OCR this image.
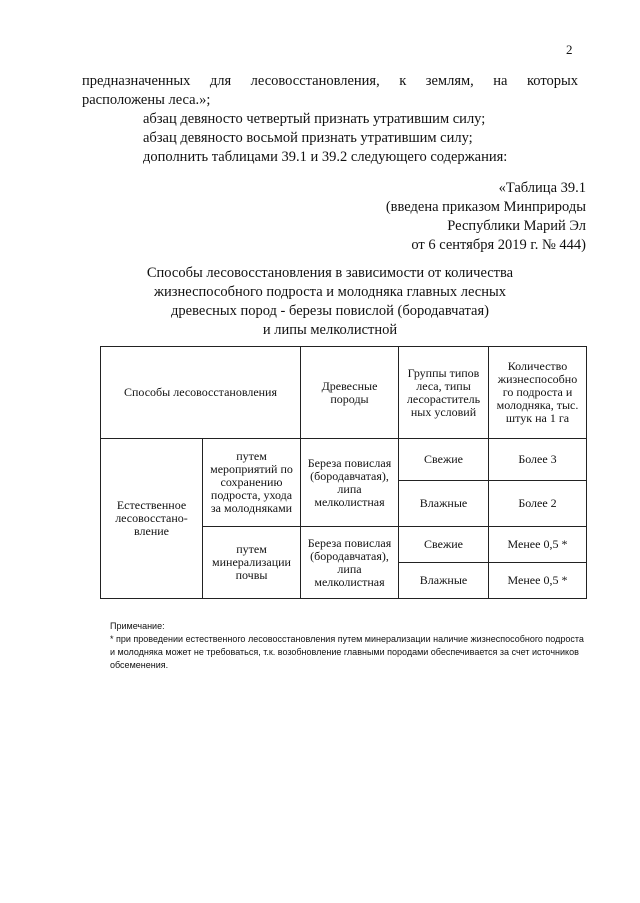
2
предназначенных для лесовосстановления, к землям, на которых
расположены леса.»;
абзац девяносто четвертый признать утратившим силу;
абзац девяносто восьмой признать утратившим силу;
дополнить таблицами 39.1 и 39.2 следующего содержания:
«Таблица 39.1
(введена приказом Минприроды
Республики Марий Эл
от 6 сентября 2019 г. № 444)
Способы лесовосстановления в зависимости от количества
жизнеспособного подроста и молодняка главных лесных
древесных пород - березы повислой (бородавчатая)
и липы мелколистной
Способы лесовосстановления		Древесные породы	Группы типов леса, типы лесораститель ных условий	Количество жизнеспособно го подроста и молодняка, тыс. штук на 1 га
Естественное лесовосстано- вление	путем мероприятий по сохранению подроста, ухода за молодняками	Береза повислая (бородавчатая), липа мелколистная	Свежие	Более 3
			Влажные	Более 2
	путем минерализации почвы	Береза повислая (бородавчатая), липа мелколистная	Свежие	Менее 0,5 *
			Влажные	Менее 0,5 *
Примечание:
* при проведении естественного лесовосстановления путем минерализации наличие жизнеспособного подроста и молодняка может не требоваться, т.к. возобновление главными породами обеспечивается за счет источников обсеменения.
